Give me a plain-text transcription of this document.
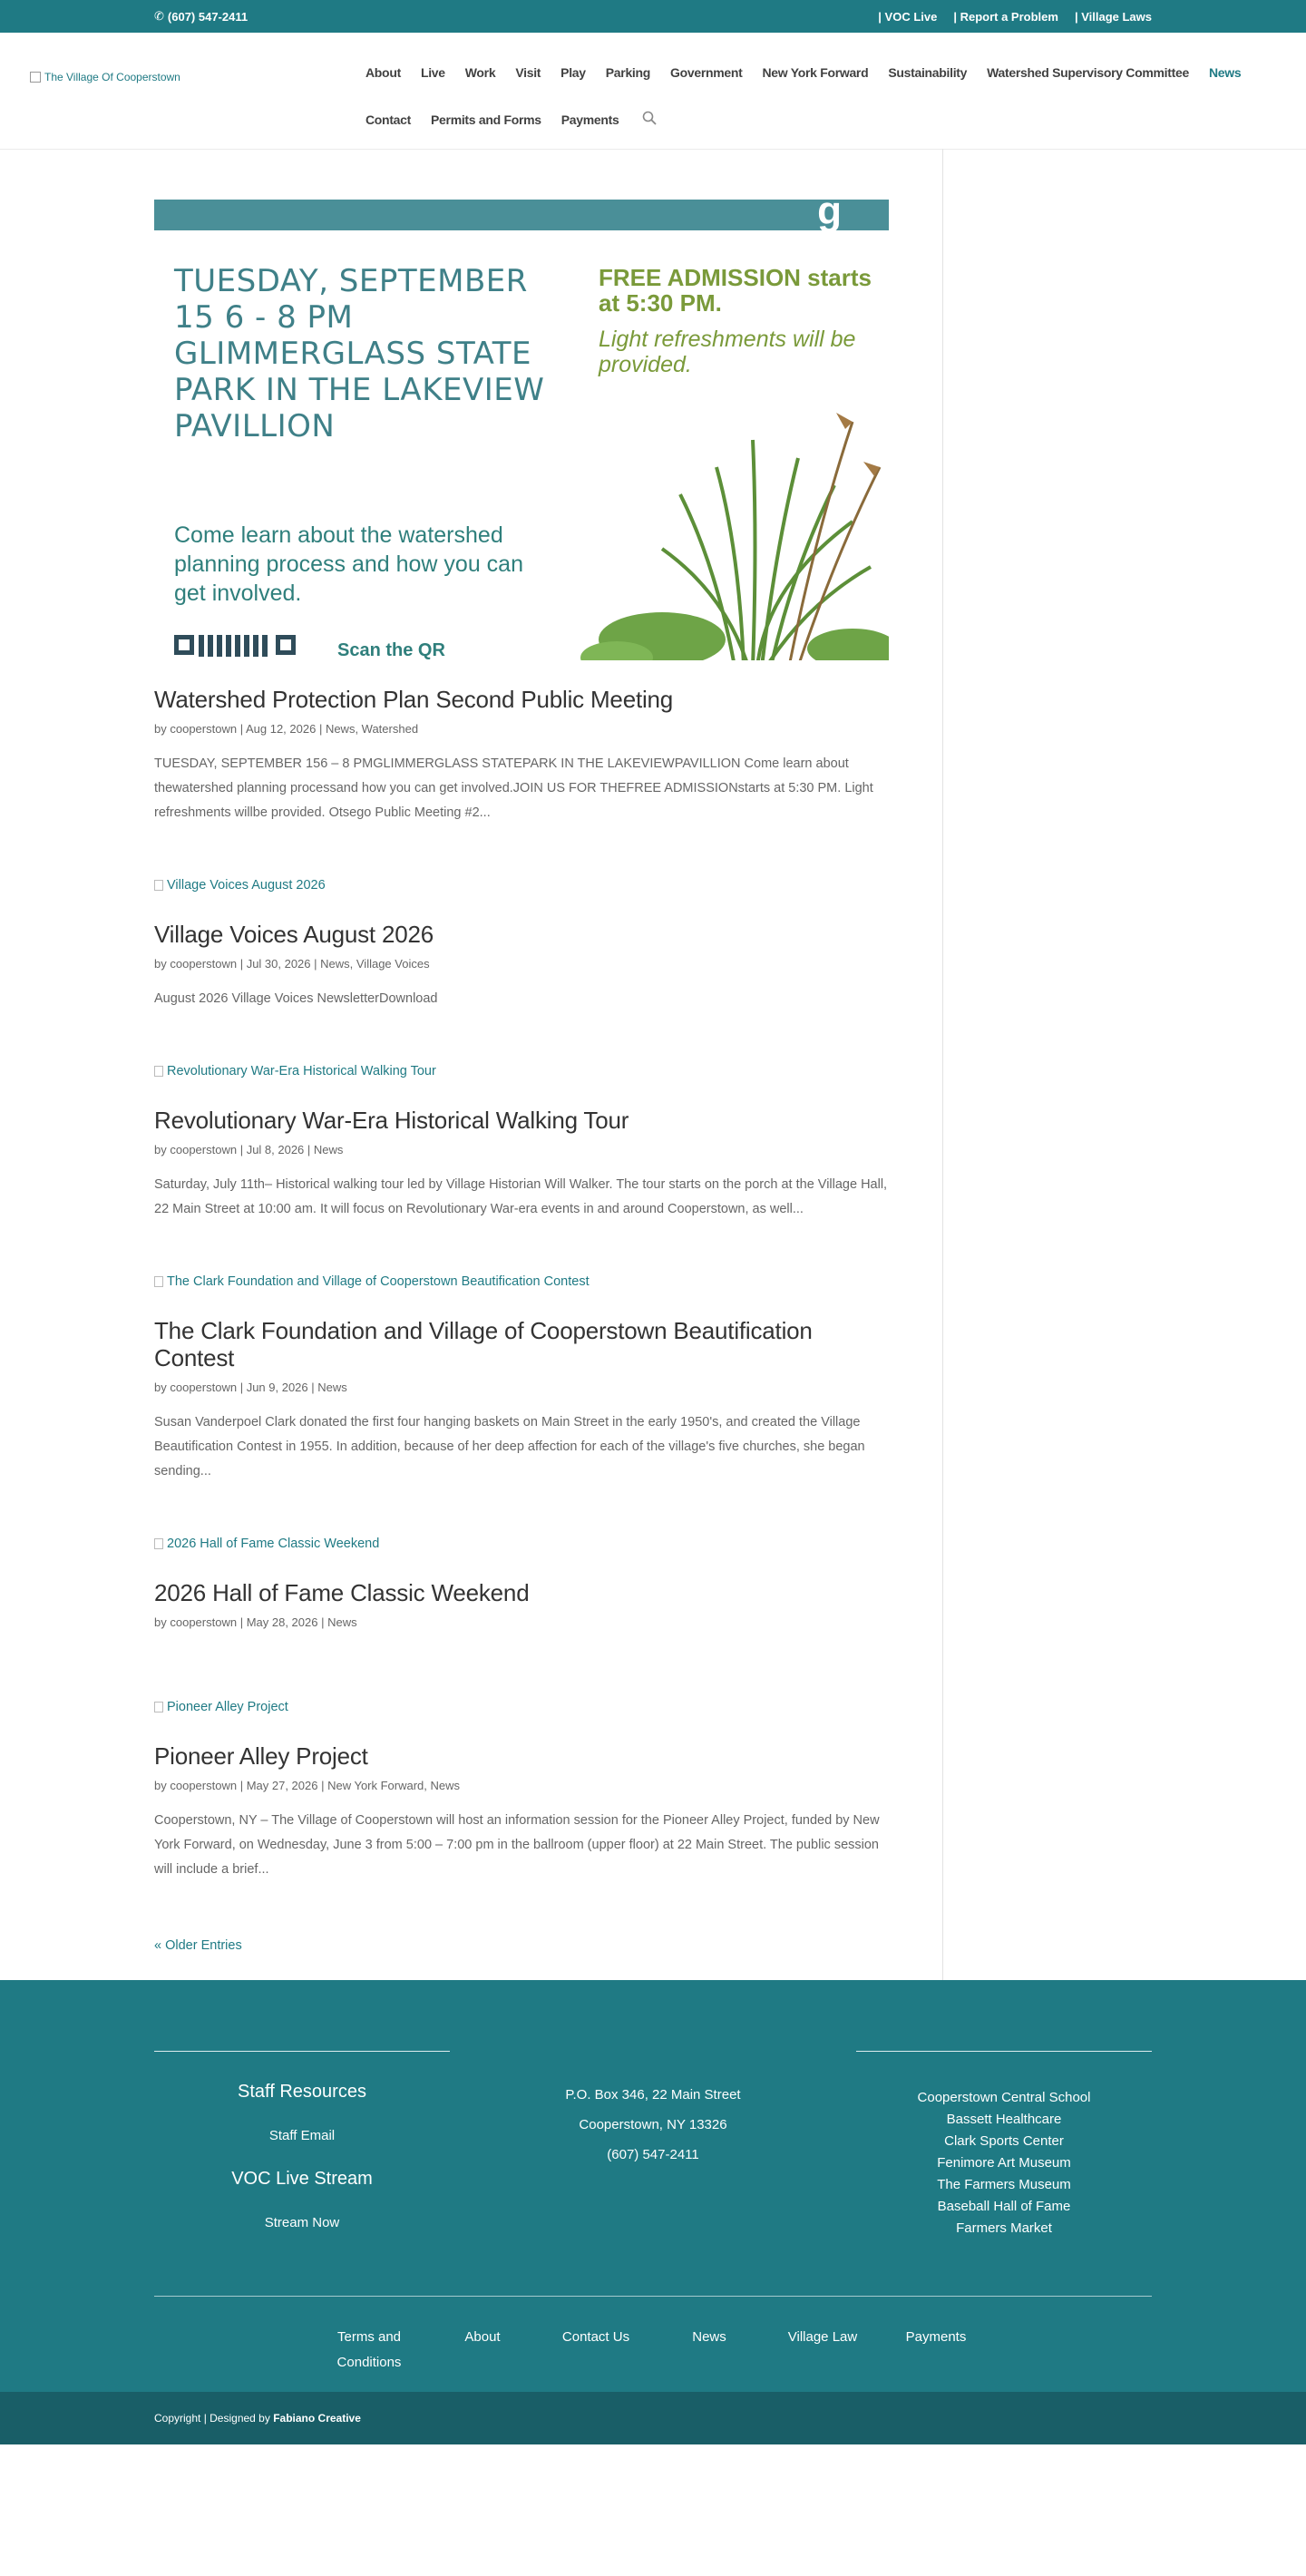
✆ (607) 547-2411	| VOC Live | Report a Problem | Village Laws
The Village Of Cooperstown	About Live Work Visit Play Parking Government New York Forward Sustainability Watershed Supervisory Committee News
Contact Permits and Forms Payments
g
TUESDAY, SEPTEMBER 15 6 - 8 PM GLIMMERGLASS STATE PARK IN THE LAKEVIEW PAVILLION
FREE ADMISSION starts at 5:30 PM.
Light refreshments will be provided.
Come learn about the watershed planning process and how you can get involved.
Scan the QR
Watershed Protection Plan Second Public Meeting

by cooperstown | Aug 12, 2026 | News, Watershed

TUESDAY, SEPTEMBER 156 – 8 PMGLIMMERGLASS STATEPARK IN THE LAKEVIEWPAVILLION Come learn about thewatershed planning processand how you can get involved.JOIN US FOR THEFREE ADMISSIONstarts at 5:30 PM. Light refreshments willbe provided. Otsego Public Meeting #2...

Village Voices August 2026
Village Voices August 2026

by cooperstown | Jul 30, 2026 | News, Village Voices

August 2026 Village Voices NewsletterDownload

Revolutionary War-Era Historical Walking Tour
Revolutionary War-Era Historical Walking Tour

by cooperstown | Jul 8, 2026 | News

Saturday, July 11th– Historical walking tour led by Village Historian Will Walker. The tour starts on the porch at the Village Hall, 22 Main Street at 10:00 am. It will focus on Revolutionary War-era events in and around Cooperstown, as well...

The Clark Foundation and Village of Cooperstown Beautification Contest
The Clark Foundation and Village of Cooperstown Beautification Contest

by cooperstown | Jun 9, 2026 | News

Susan Vanderpoel Clark donated the first four hanging baskets on Main Street in the early 1950's, and created the Village Beautification Contest in 1955. In addition, because of her deep affection for each of the village's five churches, she began sending...

2026 Hall of Fame Classic Weekend
2026 Hall of Fame Classic Weekend

by cooperstown | May 28, 2026 | News

Pioneer Alley Project
Pioneer Alley Project

by cooperstown | May 27, 2026 | New York Forward, News

Cooperstown, NY – The Village of Cooperstown will host an information session for the Pioneer Alley Project, funded by New York Forward, on Wednesday, June 3 from 5:00 – 7:00 pm in the ballroom (upper floor) at 22 Main Street. The public session will include a brief...

« Older Entries
Staff Resources
Staff Email
VOC Live Stream
Stream Now
P.O. Box 346, 22 Main Street
Cooperstown, NY 13326
(607) 547-2411
Cooperstown Central School
Bassett Healthcare
Clark Sports Center
Fenimore Art Museum
The Farmers Museum
Baseball Hall of Fame
Farmers Market
Terms and Conditions
About	Contact Us	News	Village Law	Payments
Copyright | Designed by Fabiano Creative
